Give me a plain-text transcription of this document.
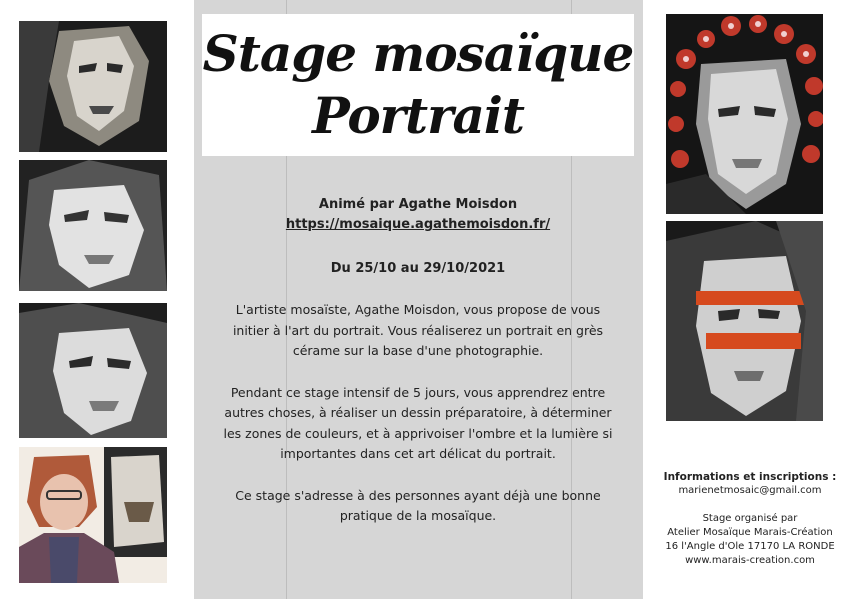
Stage mosaïque
Portrait
Animé par Agathe Moisdon
https://mosaique.agathemoisdon.fr/
Du 25/10 au 29/10/2021
L'artiste mosaïste, Agathe Moisdon, vous propose de vous initier à l'art du portrait. Vous réaliserez un portrait en grès cérame sur la base d'une photographie.
Pendant ce stage intensif de 5 jours, vous apprendrez entre autres choses, à réaliser un dessin préparatoire, à déterminer les zones de couleurs, et à apprivoiser l'ombre et la lumière si importantes dans cet art délicat du portrait.
Ce stage s'adresse à des personnes ayant déjà une bonne pratique de la mosaïque.
Informations et inscriptions :
marienetmosaic@gmail.com
Stage organisé par
Atelier Mosaïque Marais-Création
16 l'Angle d'Ole 17170 LA RONDE
www.marais-creation.com
